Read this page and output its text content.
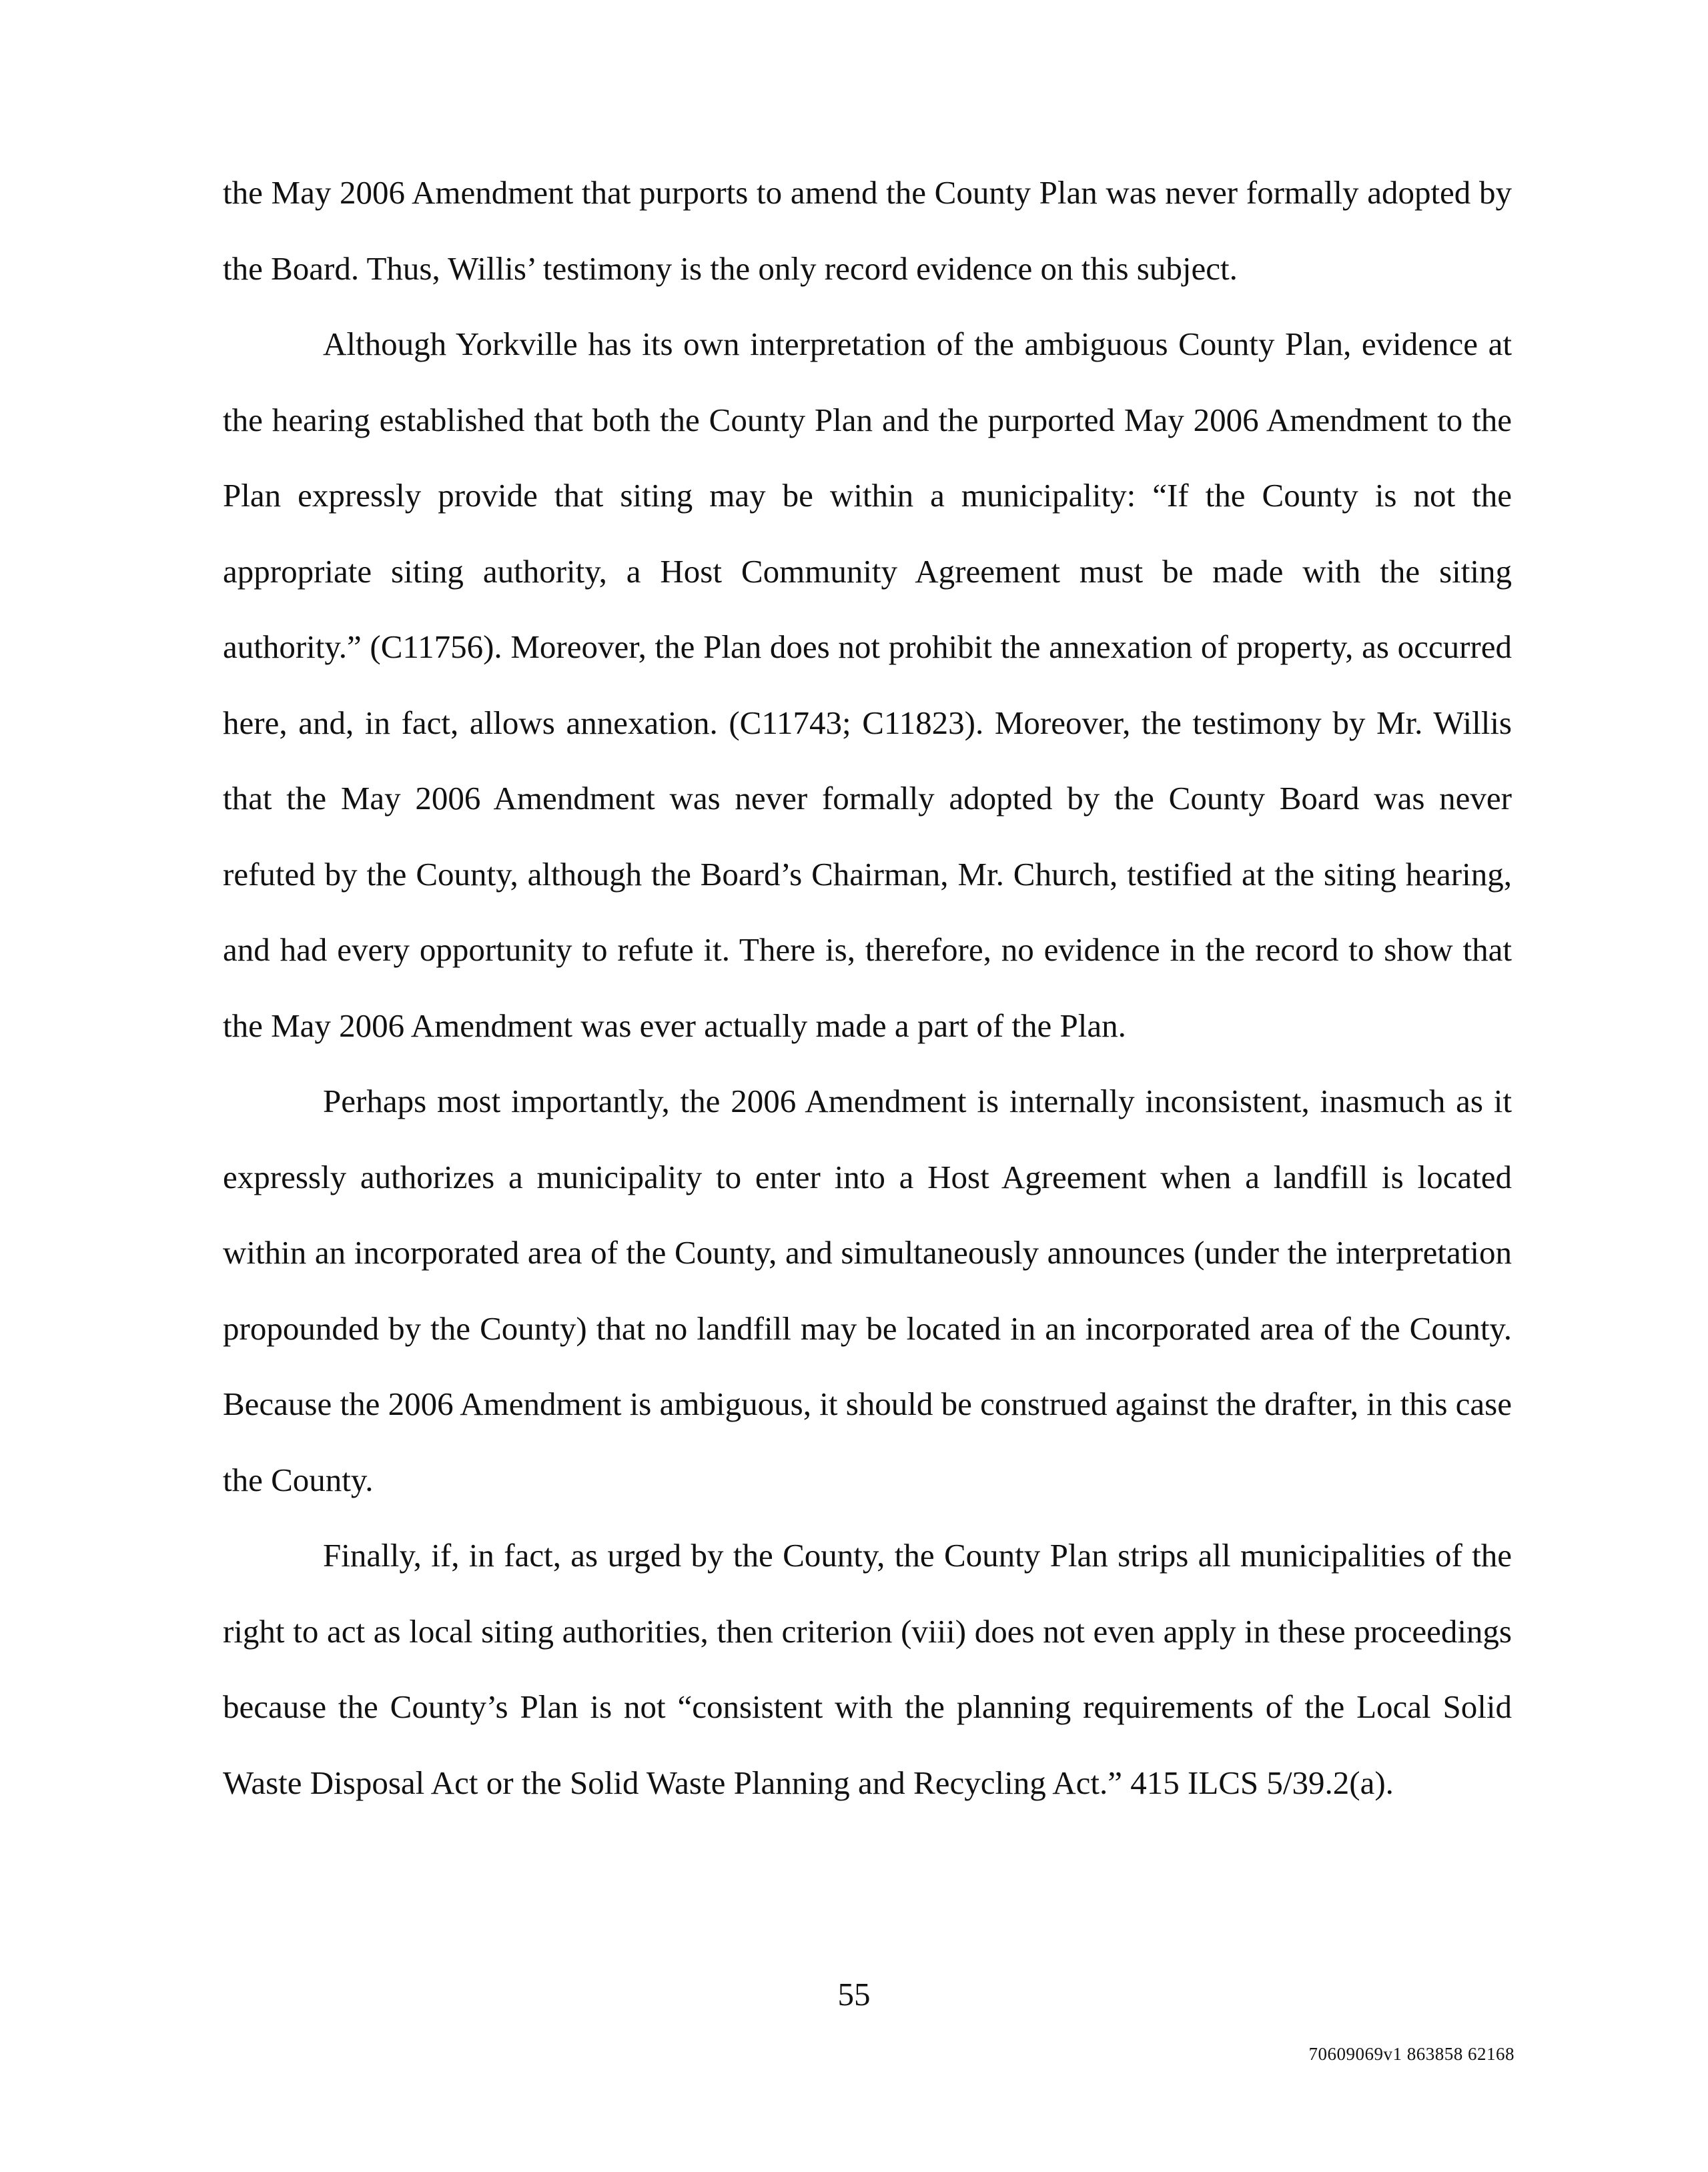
the May 2006 Amendment that purports to amend the County Plan was never formally adopted by the Board. Thus, Willis’ testimony is the only record evidence on this subject.

Although Yorkville has its own interpretation of the ambiguous County Plan, evidence at the hearing established that both the County Plan and the purported May 2006 Amendment to the Plan expressly provide that siting may be within a municipality: “If the County is not the appropriate siting authority, a Host Community Agreement must be made with the siting authority.” (C11756). Moreover, the Plan does not prohibit the annexation of property, as occurred here, and, in fact, allows annexation. (C11743; C11823). Moreover, the testimony by Mr. Willis that the May 2006 Amendment was never formally adopted by the County Board was never refuted by the County, although the Board’s Chairman, Mr. Church, testified at the siting hearing, and had every opportunity to refute it. There is, therefore, no evidence in the record to show that the May 2006 Amendment was ever actually made a part of the Plan.

Perhaps most importantly, the 2006 Amendment is internally inconsistent, inasmuch as it expressly authorizes a municipality to enter into a Host Agreement when a landfill is located within an incorporated area of the County, and simultaneously announces (under the interpretation propounded by the County) that no landfill may be located in an incorporated area of the County. Because the 2006 Amendment is ambiguous, it should be construed against the drafter, in this case the County.

Finally, if, in fact, as urged by the County, the County Plan strips all municipalities of the right to act as local siting authorities, then criterion (viii) does not even apply in these proceedings because the County’s Plan is not “consistent with the planning requirements of the Local Solid Waste Disposal Act or the Solid Waste Planning and Recycling Act.” 415 ILCS 5/39.2(a).

55
70609069v1 863858 62168
